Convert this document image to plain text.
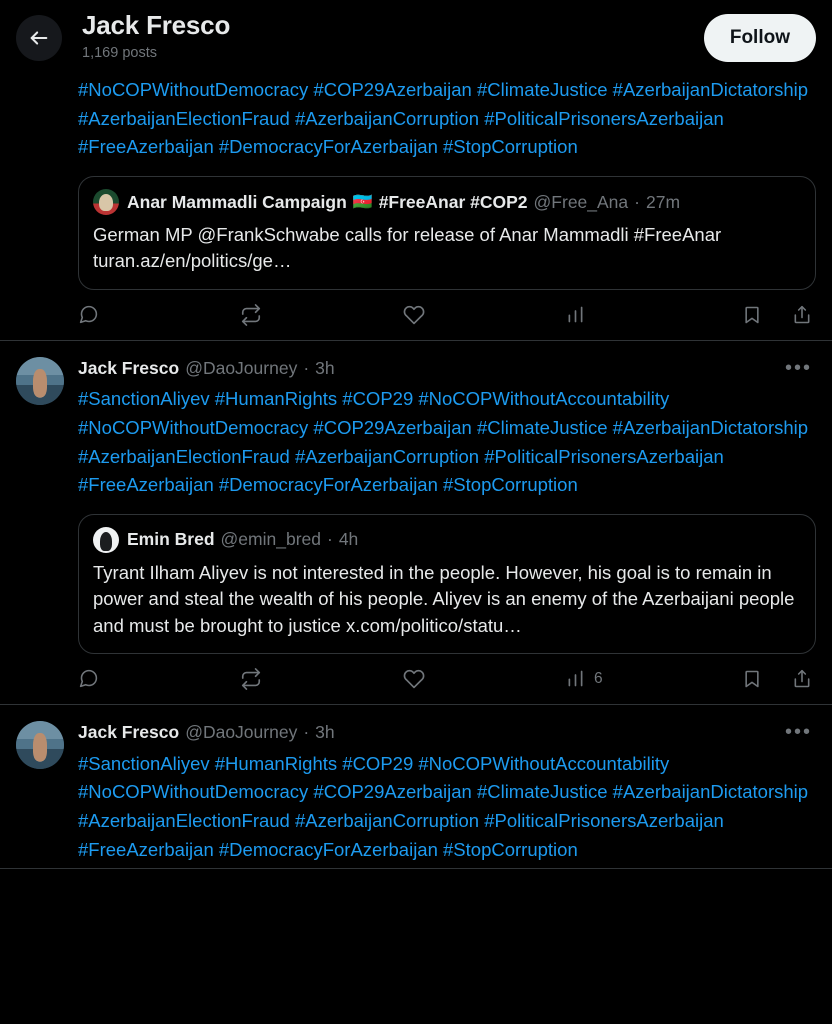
Jack Fresco
1,169 posts
Follow
#NoCOPWithoutDemocracy #COP29Azerbaijan #ClimateJustice #AzerbaijanDictatorship #AzerbaijanElectionFraud #AzerbaijanCorruption #PoliticalPrisonersAzerbaijan #FreeAzerbaijan #DemocracyForAzerbaijan #StopCorruption
Anar Mammadli Campaign 🇦🇿 #FreeAnar #COP2 @Free_Ana · 27m
German MP @FrankSchwabe calls for release of Anar Mammadli #FreeAnar turan.az/en/politics/ge…
Jack Fresco @DaoJourney · 3h	•••
#SanctionAliyev #HumanRights #COP29 #NoCOPWithoutAccountability #NoCOPWithoutDemocracy #COP29Azerbaijan #ClimateJustice #AzerbaijanDictatorship #AzerbaijanElectionFraud #AzerbaijanCorruption #PoliticalPrisonersAzerbaijan #FreeAzerbaijan #DemocracyForAzerbaijan #StopCorruption
Emin Bred @emin_bred · 4h
Tyrant Ilham Aliyev is not interested in the people. However, his goal is to remain in power and steal the wealth of his people. Aliyev is an enemy of the Azerbaijani people and must be brought to justice x.com/politico/statu…
6
Jack Fresco @DaoJourney · 3h	•••
#SanctionAliyev #HumanRights #COP29 #NoCOPWithoutAccountability #NoCOPWithoutDemocracy #COP29Azerbaijan #ClimateJustice #AzerbaijanDictatorship #AzerbaijanElectionFraud #AzerbaijanCorruption #PoliticalPrisonersAzerbaijan #FreeAzerbaijan #DemocracyForAzerbaijan #StopCorruption
